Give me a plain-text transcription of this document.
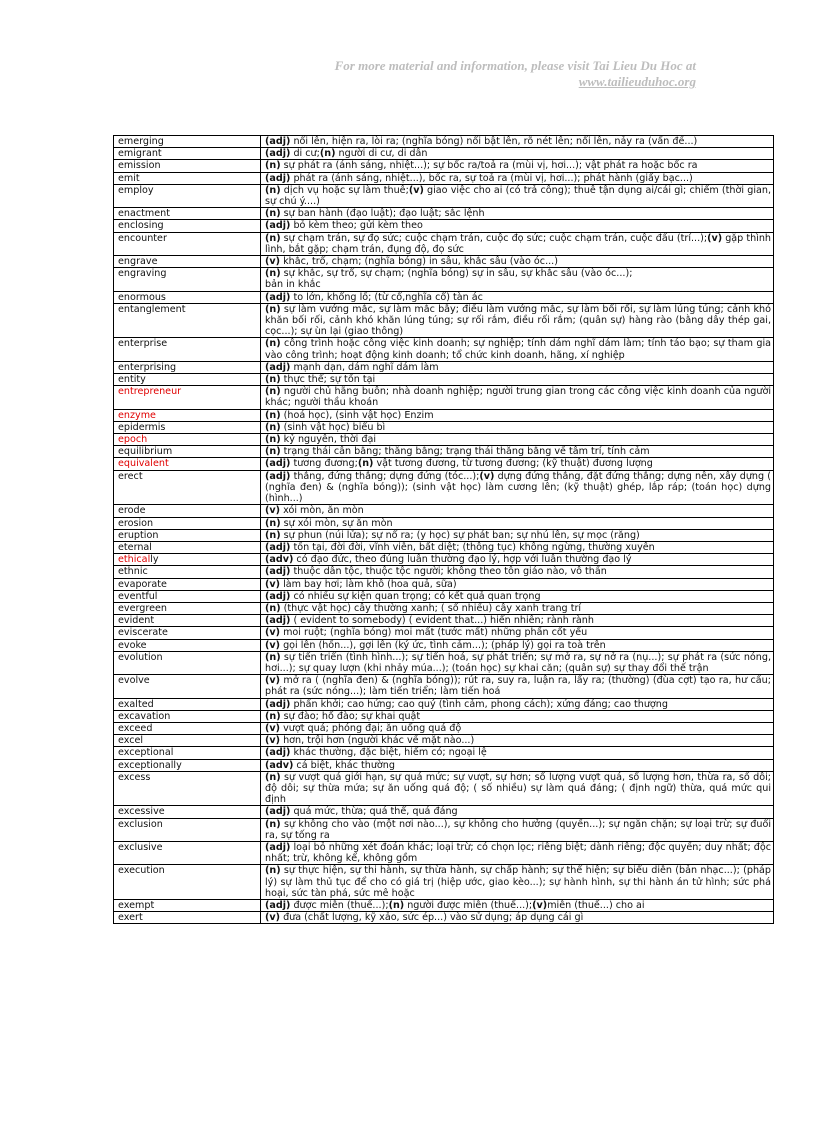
For more material and information, please visit Tai Lieu Du Hoc at
www.tailieuduhoc.org
emerging	(adj) nổi lên, hiện ra, lòi ra; (nghĩa bóng) nổi bật lên, rõ nét lên; nổi lên, nảy ra (vấn đề...)
emigrant	(adj) di cư;(n) người di cư, di dân
emission	(n) sự phát ra (ánh sáng, nhiệt...); sự bốc ra/toả ra (mùi vị, hơi...); vật phát ra hoặc bốc ra
emit	(adj) phát ra (ánh sáng, nhiệt...), bốc ra, sự toả ra (mùi vị, hơi...); phát hành (giấy bạc...)
employ	(n) dịch vụ hoặc sự làm thuê;(v) giao việc cho ai (có trả công); thuê tận dụng ai/cái gì; chiếm (thời gian, sự chú ý....)
enactment	(n) sự ban hành (đạo luật); đạo luật; sắc lệnh
enclosing	(adj) bỏ kèm theo; gửi kèm theo
encounter	(n) sự chạm trán, sự đọ sức; cuộc chạm trán, cuộc đọ sức; cuộc chạm trán, cuộc đấu (trí...);(v) gặp thình lình, bắt gặp; chạm trán, đụng độ, đọ sức
engrave	(v) khắc, trổ, chạm; (nghĩa bóng) in sâu, khắc sâu (vào óc...)
engraving	(n) sự khắc, sự trổ, sự chạm; (nghĩa bóng) sự in sâu, sự khắc sâu (vào óc...);
bản in khắc
enormous	(adj) to lớn, khổng lồ; (từ cổ,nghĩa cổ) tàn ác
entanglement	(n) sự làm vướng mắc, sự làm mắc bẫy; điều làm vướng mắc, sự làm bối rối, sự làm lúng túng; cảnh khó khăn bối rối, cảnh khó khăn lúng túng; sự rối rắm, điều rối rắm; (quân sự) hàng rào (bằng dây thép gai, cọc...); sự ùn lại (giao thông)
enterprise	(n) công trình hoặc công việc kinh doanh; sự nghiệp; tính dám nghĩ dám làm; tính táo bạo; sự tham gia vào công trình; hoạt động kinh doanh; tổ chức kinh doanh, hãng, xí nghiệp
enterprising	(adj) mạnh dạn, dám nghĩ dám làm
entity	(n) thực thể; sự tồn tại
entrepreneur	(n) người chủ hãng buôn; nhà doanh nghiệp; người trung gian trong các công việc kinh doanh của người khác; người thầu khoán
enzyme	(n) (hoá học), (sinh vật học) Enzim
epidermis	(n) (sinh vật học) biểu bì
epoch	(n) kỷ nguyên, thời đại
equilibrium	(n) trạng thái cân bằng; thăng bằng; trạng thái thăng bằng về tâm trí, tính cảm
equivalent	(adj) tương đương;(n) vật tương đương, từ tương đương; (kỹ thuật) đương lượng
erect	(adj) thẳng, đứng thẳng; dựng đứng (tóc...);(v) dựng đứng thẳng, đặt đứng thẳng; dựng nên, xây dựng ( (nghĩa đen) & (nghĩa bóng)); (sinh vật học) làm cương lên; (kỹ thuật) ghép, lắp ráp; (toán học) dựng (hình...)
erode	(v) xói mòn, ăn mòn
erosion	(n) sự xói mòn, sự ăn mòn
eruption	(n) sự phun (núi lửa); sự nổ ra; (y học) sự phát ban; sự nhú lên, sự mọc (răng)
eternal	(adj) tồn tại, đời đời, vĩnh viễn, bất diệt; (thông tục) không ngừng, thường xuyên
ethically	(adv) có đạo đức, theo đúng luân thường đạo lý, hợp với luân thường đạo lý
ethnic	(adj) thuộc dân tộc, thuộc tộc người; không theo tôn giáo nào, vô thần
evaporate	(v) làm bay hơi; làm khô (hoa quả, sữa)
eventful	(adj) có nhiều sự kiện quan trọng; có kết quả quan trọng
evergreen	(n) (thực vật học) cây thường xanh; ( số nhiều) cây xanh trang trí
evident	(adj) ( evident to somebody) ( evident that...) hiển nhiên; rành rành
eviscerate	(v) moi ruột; (nghĩa bóng) moi mất (tước mất) những phần cốt yếu
evoke	(v) gọi lên (hồn...), gợi lên (ký ức, tình cảm...); (pháp lý) gọi ra toà trên
evolution	(n) sự tiến triển (tình hình...); sự tiến hoá, sự phát triển; sự mở ra, sự nở ra (nụ...); sự phát ra (sức nóng, hơi...); sự quay lượn (khi nhảy múa...); (toán học) sự khai căn; (quân sự) sự thay đổi thế trận
evolve	(v) mở ra ( (nghĩa đen) & (nghĩa bóng)); rút ra, suy ra, luận ra, lấy ra; (thường) (đùa cợt) tạo ra, hư cấu; phát ra (sức nóng...); làm tiến triển; làm tiến hoá
exalted	(adj) phấn khởi; cao hứng; cao quý (tình cảm, phong cách); xứng đáng; cao thượng
excavation	(n) sự đào; hố đào; sự khai quật
exceed	(v) vượt quá; phóng đại; ăn uống quá độ
excel	(v) hơn, trội hơn (người khác về mặt nào...)
exceptional	(adj) khác thường, đặc biệt, hiếm có; ngoại lệ
exceptionally	(adv) cá biệt, khác thường
excess	(n) sự vượt quá giới hạn, sự quá mức; sự vượt, sự hơn; số lượng vượt quá, số lượng hơn, thừa ra, số dôi; độ dôi; sự thừa mứa; sự ăn uống quá độ; ( số nhiều) sự làm quá đáng; ( định ngữ) thừa, quá mức qui định
excessive	(adj) quá mức, thừa; quá thể, quá đáng
exclusion	(n) sự không cho vào (một nơi nào...), sự không cho hưởng (quyền...); sự ngăn chặn; sự loại trừ; sự đuổi ra, sự tống ra
exclusive	(adj) loại bỏ những xét đoán khác; loại trừ; có chọn lọc; riêng biệt; dành riêng; độc quyền; duy nhất; độc nhất; trừ, không kể, không gồm
execution	(n) sự thực hiện, sự thi hành, sự thừa hành, sự chấp hành; sự thể hiện; sự biểu diễn (bản nhạc...); (pháp lý) sự làm thủ tục để cho có giá trị (hiệp ước, giao kèo...); sự hành hình, sự thi hành án tử hình; sức phá hoại, sức tàn phá, sức mê hoặc
exempt	(adj) được miễn (thuế...);(n) người được miễn (thuế...);(v)miễn (thuế...) cho ai
exert	(v) đưa (chất lượng, kỹ xảo, sức ép...) vào sử dụng; áp dụng cái gì
